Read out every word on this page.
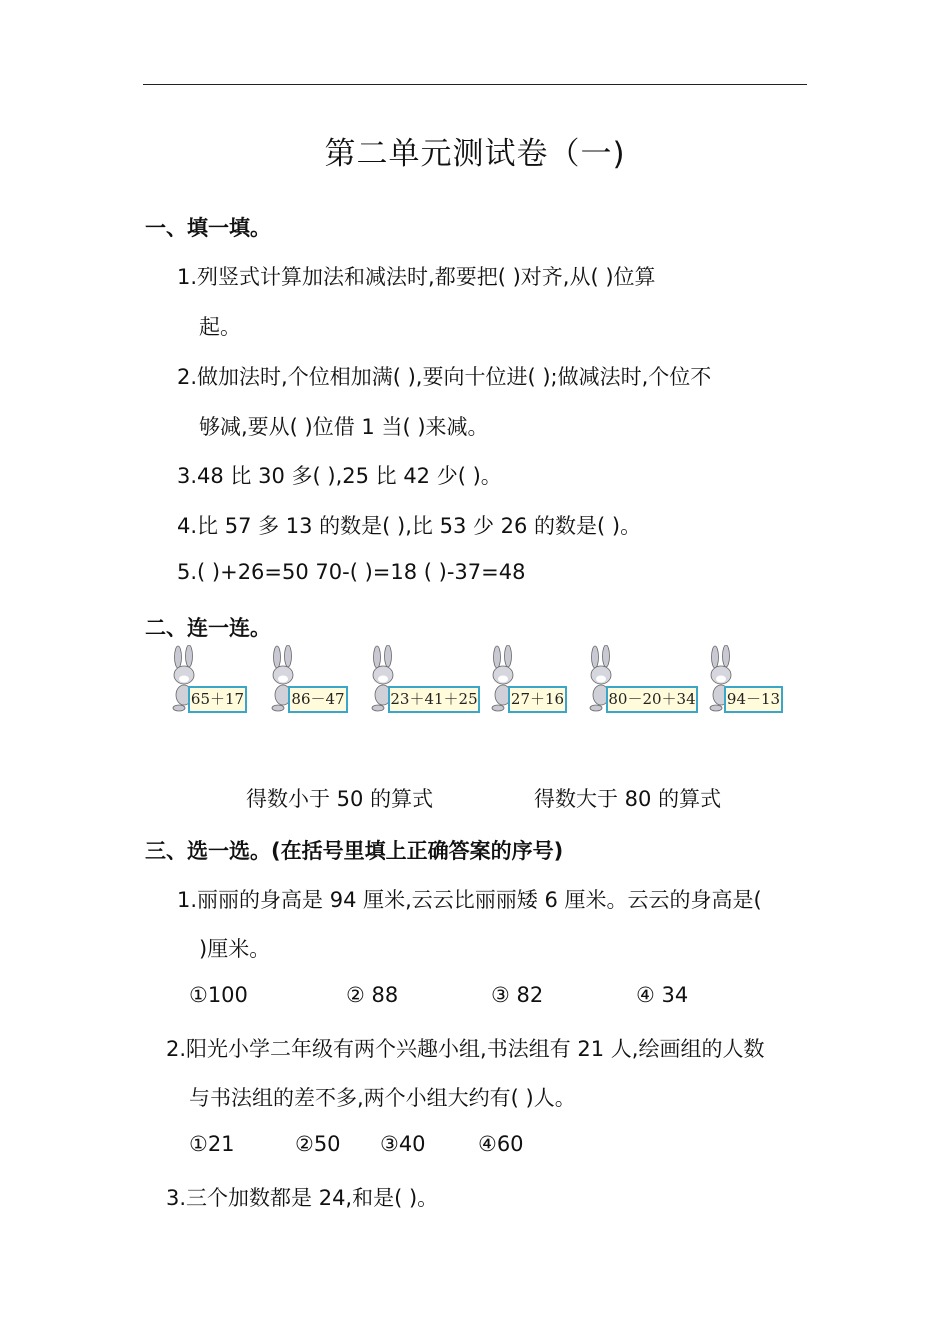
第二单元测试卷（一)
一、填一填。
1.列竖式计算加法和减法时,都要把( )对齐,从( )位算
起。
2.做加法时,个位相加满( ),要向十位进( );做减法时,个位不
够减,要从( )位借 1 当( )来减。
3.48 比 30 多( ),25 比 42 少( )。
4.比 57 多 13 的数是( ),比 53 少 26 的数是( )。
5.( )+26=50 70-( )=18 ( )-37=48
二、连一连。
65＋17	86－47	23＋41＋25 27＋16	80－20＋34 94－13
得数小于 50 的算式	得数大于 80 的算式
三、选一选。(在括号里填上正确答案的序号)
1.丽丽的身高是 94 厘米,云云比丽丽矮 6 厘米。云云的身高是(
)厘米。
①100	② 88	③ 82	④ 34
2.阳光小学二年级有两个兴趣小组,书法组有 21 人,绘画组的人数
与书法组的差不多,两个小组大约有( )人。
①21	②50 ③40 ④60
3.三个加数都是 24,和是( )。
